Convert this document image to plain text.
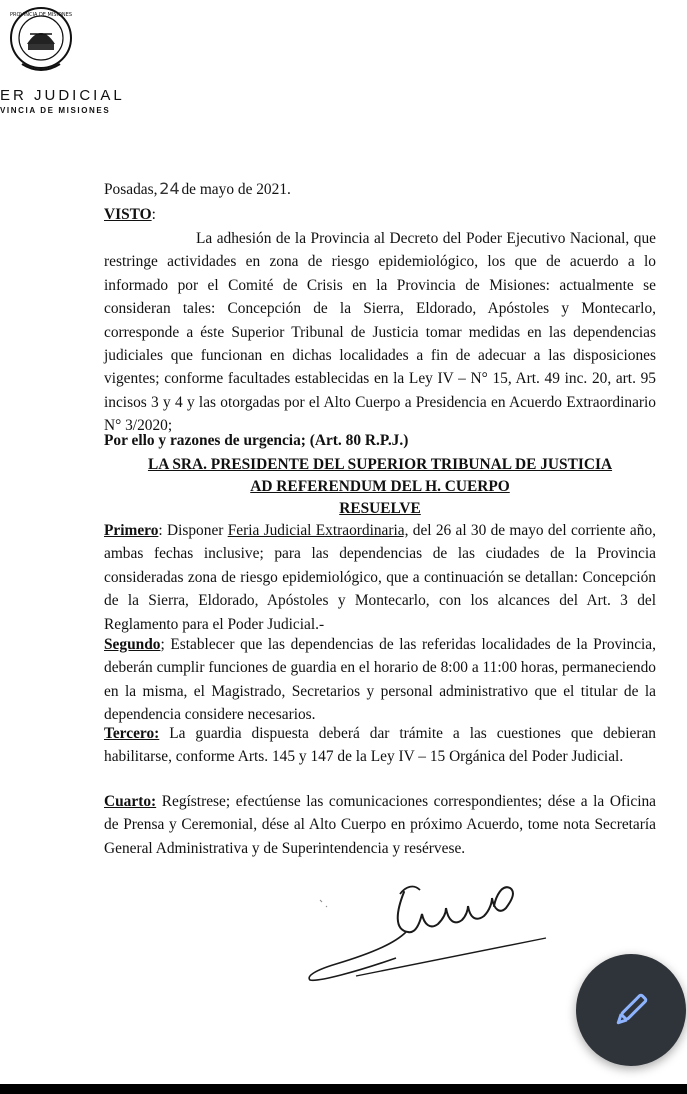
PROVINCIA DE MISIONES
ER JUDICIAL
VINCIA DE MISIONES
Posadas, 24 de mayo de 2021.
VISTO:
La adhesión de la Provincia al Decreto del Poder Ejecutivo Nacional, que restringe actividades en zona de riesgo epidemiológico, los que de acuerdo a lo informado por el Comité de Crisis en la Provincia de Misiones: actualmente se consideran tales: Concepción de la Sierra, Eldorado, Apóstoles y Montecarlo, corresponde a éste Superior Tribunal de Justicia tomar medidas en las dependencias judiciales que funcionan en dichas localidades a fin de adecuar a las disposiciones vigentes; conforme facultades establecidas en la Ley IV – N° 15, Art. 49 inc. 20, art. 95 incisos 3 y 4 y las otorgadas por el Alto Cuerpo a Presidencia en Acuerdo Extraordinario N° 3/2020;
Por ello y razones de urgencia; (Art. 80 R.P.J.)
LA SRA. PRESIDENTE DEL SUPERIOR TRIBUNAL DE JUSTICIA
AD REFERENDUM DEL H. CUERPO
RESUELVE
Primero: Disponer Feria Judicial Extraordinaria, del 26 al 30 de mayo del corriente año, ambas fechas inclusive; para las dependencias de las ciudades de la Provincia consideradas zona de riesgo epidemiológico, que a continuación se detallan: Concepción de la Sierra, Eldorado, Apóstoles y Montecarlo, con los alcances del Art. 3 del Reglamento para el Poder Judicial.-
Segundo; Establecer que las dependencias de las referidas localidades de la Provincia, deberán cumplir funciones de guardia en el horario de 8:00 a 11:00 horas, permaneciendo en la misma, el Magistrado, Secretarios y personal administrativo que el titular de la dependencia considere necesarios.
Tercero: La guardia dispuesta deberá dar trámite a las cuestiones que debieran habilitarse, conforme Arts. 145 y 147 de la Ley IV – 15 Orgánica del Poder Judicial.
Cuarto: Regístrese; efectúense las comunicaciones correspondientes; dése a la Oficina de Prensa y Ceremonial, dése al Alto Cuerpo en próximo Acuerdo, tome nota Secretaría General Administrativa y de Superintendencia y resérvese.
